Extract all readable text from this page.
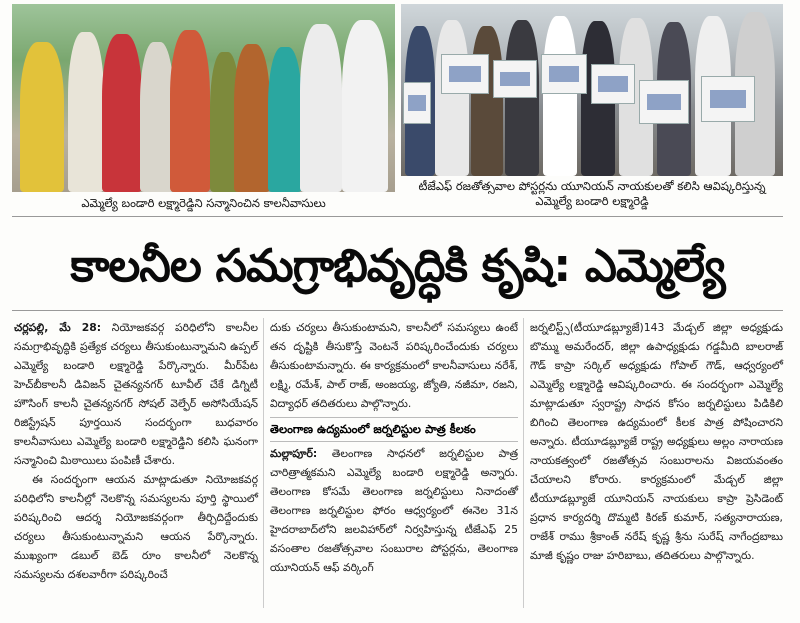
ఎమ్మెల్యే బండారి లక్ష్మారెడ్డిని సన్మానించిన కాలనీవాసులు
టీజేఎఫ్ రజతోత్సవాల పోస్టర్లను యూనియన్ నాయకులతో కలిసి ఆవిష్కరిస్తున్న ఎమ్మెల్యే బండారి లక్ష్మారెడ్డి
కాలనీల సమగ్రాభివృద్ధికి కృషి: ఎమ్మెల్యే

చర్లపల్లి, మే 28: నియోజకవర్గ పరిధిలోని కాలనీల సమగ్రాభివృద్ధికి ప్రత్యేక చర్యలు తీసుకుంటున్నామని ఉప్పల్ ఎమ్మెల్యే బండారి లక్ష్మారెడ్డి పేర్కొన్నారు. మీర్‌పేట హెచ్‌బీకాలనీ డివిజన్ చైతన్యనగర్ టూవీల్ చేకే డిగ్నిటీ హౌసింగ్ కాలనీ చైతన్యనగర్ సోషల్ వెల్ఫేర్ అసోసియేషన్ రిజిస్ట్రేషన్ పూర్తయిన సందర్భంగా బుధవారం కాలనీవాసులు ఎమ్మెల్యే బండారి లక్ష్మారెడ్డిని కలిసి ఘనంగా సన్మానించి మిఠాయిలు పంపిణీ చేశారు.

ఈ సందర్భంగా ఆయన మాట్లాడుతూ నియోజకవర్గ పరిధిలోని కాలనీల్లో నెలకొన్న సమస్యలను పూర్తి స్థాయిలో పరిష్కరించి ఆదర్శ నియోజకవర్గంగా తీర్చిదిద్దేందుకు చర్యలు తీసుకుంటున్నామని ఆయన పేర్కొన్నారు. ముఖ్యంగా డబుల్ బెడ్ రూం కాలనీలో నెలకొన్న సమస్యలను దశలవారీగా పరిష్కరించే

దుకు చర్యలు తీసుకుంటామని, కాలనీలో సమస్యలు ఉంటే తన దృష్టికి తీసుకొస్తే వెంటనే పరిష్కరించేందుకు చర్యలు తీసుకుంటామన్నారు. ఈ కార్యక్రమంలో కాలనీవాసులు నరేశ్, లక్ష్మి, రమేశ్, పాల్ రాజ్, అంజయ్య, జ్యోతి, నజీమా, రజని, విద్యాధర్ తదితరులు పాల్గొన్నారు.

తెలంగాణ ఉద్యమంలో జర్నలిస్టుల పాత్ర కీలకం

మల్లాపూర్: తెలంగాణ సాధనలో జర్నలిస్టుల పాత్ర చారిత్రాత్మకమని ఎమ్మెల్యే బండారి లక్ష్మారెడ్డి అన్నారు. తెలంగాణ కోసమే తెలంగాణ జర్నలిస్టులు నినాదంతో తెలంగాణ జర్నలిస్టుల ఫోరం ఆధ్వర్యంలో ఈనెల 31న హైదరాబాద్‌లోని జలవిహార్‌లో నిర్వహిస్తున్న టీజేఎఫ్ 25 వసంతాల రజతోత్సవాల సంబురాల పోస్టర్లను, తెలంగాణ యూనియన్ ఆఫ్ వర్కింగ్

జర్నలిస్ట్స్(టీయూడబ్ల్యూజే)143 మేడ్చల్ జిల్లా అధ్యక్షుడు బొమ్ము అమరేందర్, జిల్లా ఉపాధ్యక్షుడు గడ్డమీది బాలరాజ్ గౌడ్ కాప్రా సర్కిల్ అధ్యక్షుడు గోపాల్ గౌడ్, ఆధ్వర్యంలో ఎమ్మెల్యే లక్ష్మారెడ్డి ఆవిష్కరించారు. ఈ సందర్భంగా ఎమ్మెల్యే మాట్లాడుతూ స్వరాష్ట్ర సాధన కోసం జర్నలిస్టులు పిడికిలి బిగించి తెలంగాణ ఉద్యమంలో కీలక పాత్ర పోషించారని అన్నారు. టీయూడబ్ల్యూజే రాష్ట్ర అధ్యక్షులు అల్లం నారాయణ నాయకత్వంలో రజతోత్సవ సంబురాలను విజయవంతం చేయాలని కోరారు. కార్యక్రమంలో మేడ్చల్ జిల్లా టీయూడబ్ల్యూజే యూనియన్ నాయకులు కాప్రా ప్రెసిడెంట్ ప్రధాన కార్యదర్శి దొమ్మటి కిరణ్ కుమార్, సత్యనారాయణ, రాజేశ్ రాము శ్రీకాంత్ నరేష్ కృష్ణ శ్రీను సురేష్ నాగేంద్రబాబు మాజీ కృష్ణం రాజు హరిబాబు, తదితరులు పాల్గొన్నారు.
